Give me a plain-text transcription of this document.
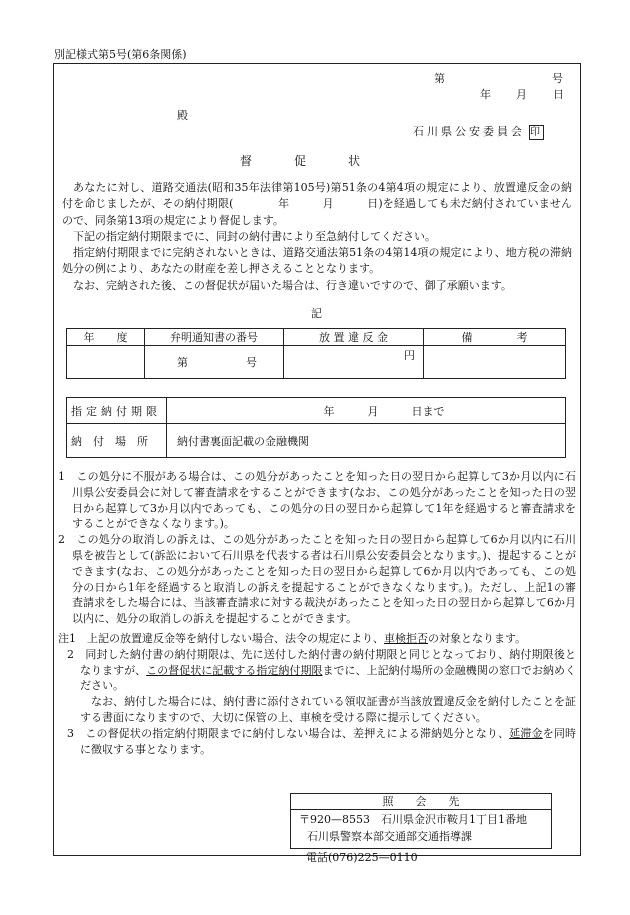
別記様式第5号(第6条関係)
第	号
年 月 日
殿
石川県公安委員会 印
督　　促　　状

あなたに対し、道路交通法(昭和35年法律第105号)第51条の4第4項の規定により、放置違反金の納付を命じましたが、その納付期限(　　　　年　　　月　　　日)を経過しても未だ納付されていませんので、同条第13項の規定により督促します。

下記の指定納付期限までに、同封の納付書により至急納付してください。

指定納付期限までに完納されないときは、道路交通法第51条の4第14項の規定により、地方税の滞納処分の例により、あなたの財産を差し押さえることとなります。

なお、完納された後、この督促状が届いた場合は、行き違いですので、御了承願います。

記
年　　度	弁明通知書の番号	放 置 違 反 金	備　　　　考

	第 号	円	

指定納付期限	年　　　月　　　日まで
納　付　場　所	納付書裏面記載の金融機関

1　 この処分に不服がある場合は、この処分があったことを知った日の翌日から起算して3か月以内に石川県公安委員会に対して審査請求をすることができます(なお、この処分があったことを知った日の翌日から起算して3か月以内であっても、この処分の日の翌日から起算して1年を経過すると審査請求をすることができなくなります。)。

2　 この処分の取消しの訴えは、この処分があったことを知った日の翌日から起算して6か月以内に石川県を被告として(訴訟において石川県を代表する者は石川県公安委員会となります。)、提起することができます(なお、この処分があったことを知った日の翌日から起算して6か月以内であっても、この処分の日から1年を経過すると取消しの訴えを提起することができなくなります。)。ただし、上記1の審査請求をした場合には、当該審査請求に対する裁決があったことを知った日の翌日から起算して6か月以内に、処分の取消しの訴えを提起することができます。

注1　 上記の放置違反金等を納付しない場合、法令の規定により、車検拒否の対象となります。

2　 同封した納付書の納付期限は、先に送付した納付書の納付期限と同じとなっており、納付期限後となりますが、この督促状に記載する指定納付期限までに、上記納付場所の金融機関の窓口でお納めください。

なお、納付した場合には、納付書に添付されている領収証書が当該放置違反金を納付したことを証する書面になりますので、大切に保管の上、車検を受ける際に提示してください。

3　 この督促状の指定納付期限までに納付しない場合は、差押えによる滞納処分となり、延滞金を同時に徴収する事となります。

照　　会　　先
〒920—8553　石川県金沢市鞍月1丁目1番地
石川県警察本部交通部交通指導課
電話(076)225—0110
